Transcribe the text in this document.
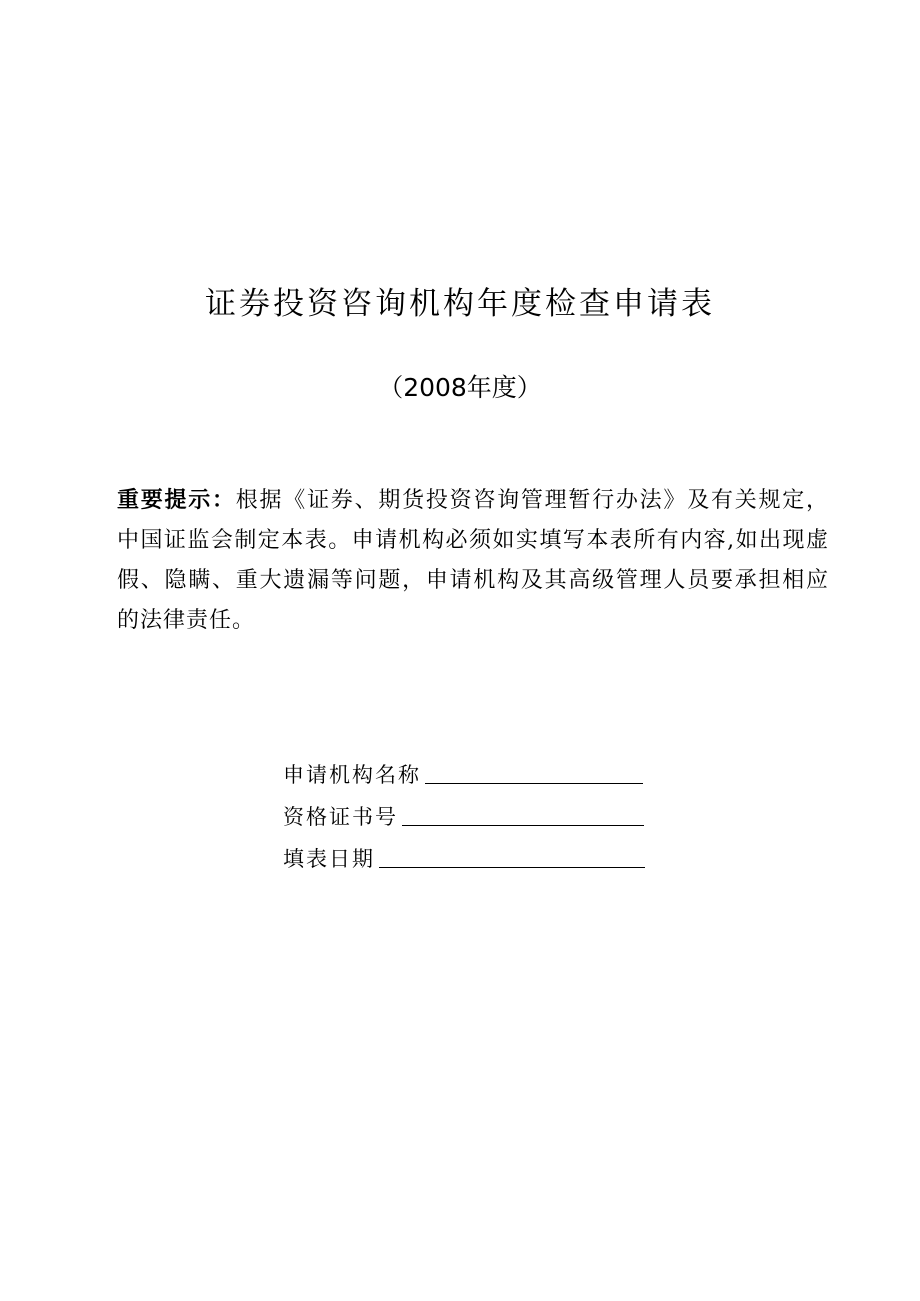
证券投资咨询机构年度检查申请表
（2008年度）
重要提示：根据《证券、期货投资咨询管理暂行办法》及有关规定，中国证监会制定本表。申请机构必须如实填写本表所有内容,如出现虚假、隐瞒、重大遗漏等问题，申请机构及其高级管理人员要承担相应的法律责任。
申请机构名称
资格证书号
填表日期
